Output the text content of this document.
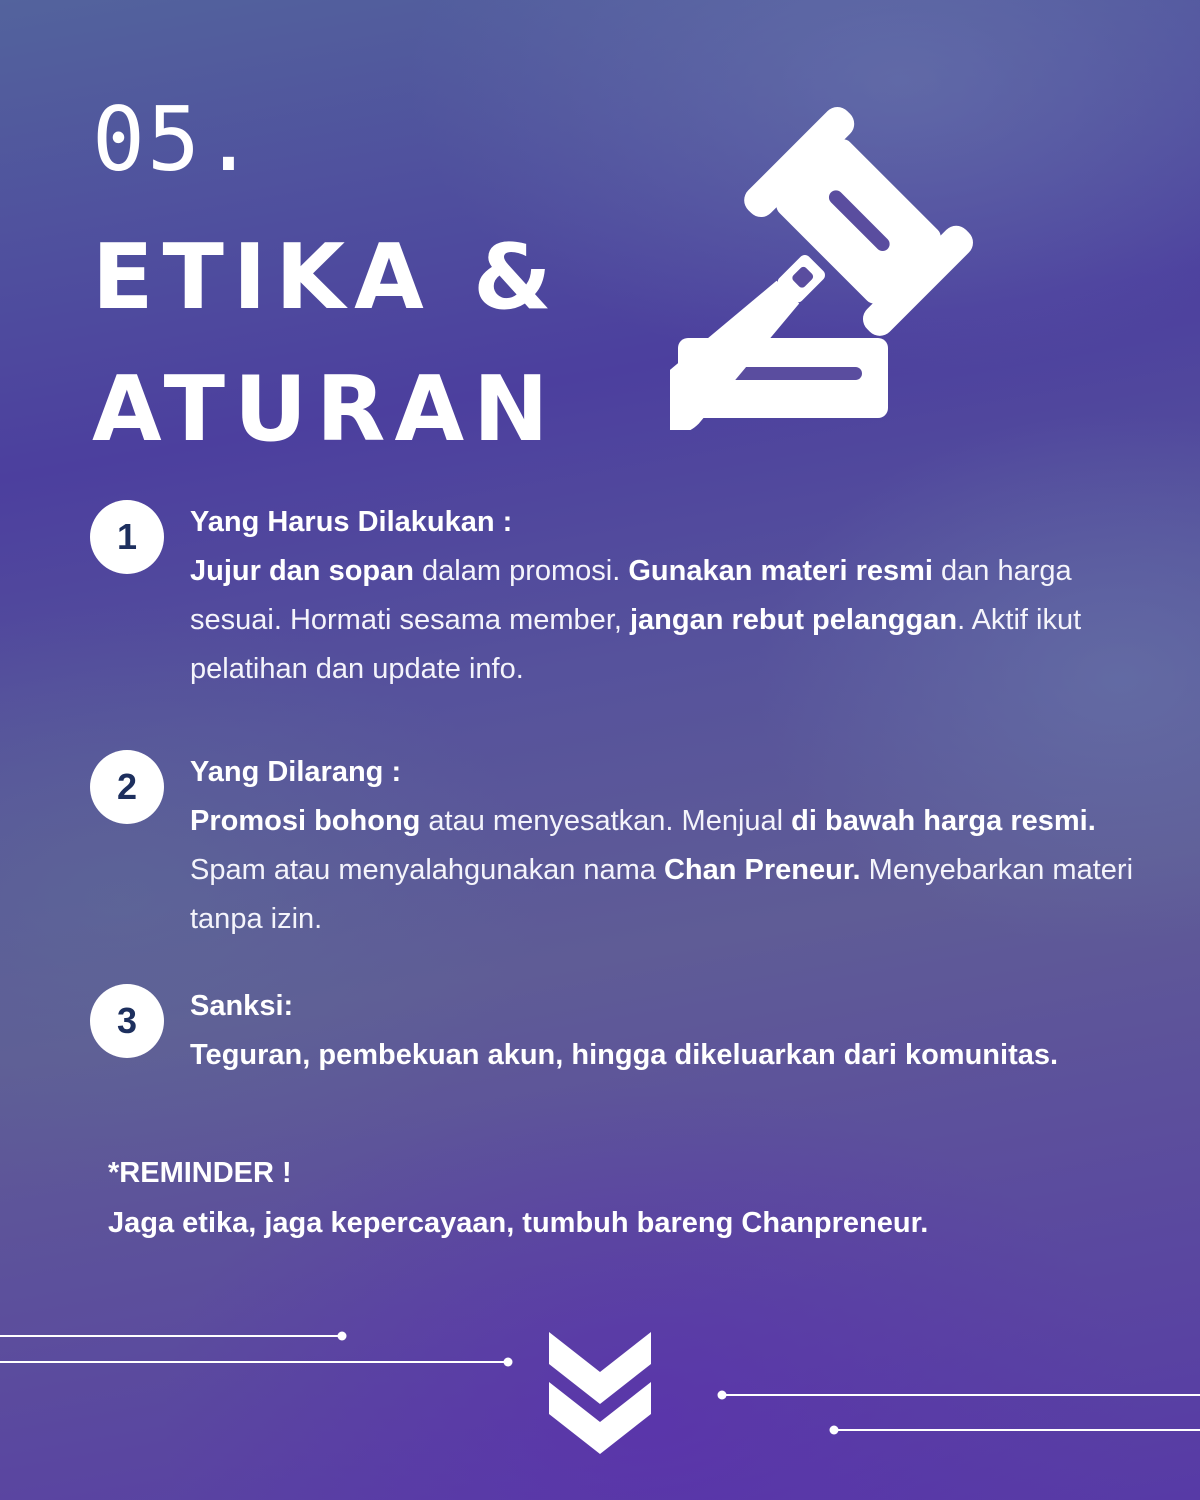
05.
ETIKA &
ATURAN
1	Yang Harus Dilakukan :
Jujur dan sopan dalam promosi. Gunakan materi resmi dan harga sesuai. Hormati sesama member, jangan rebut pelanggan. Aktif ikut pelatihan dan update info.
2	Yang Dilarang :
Promosi bohong atau menyesatkan. Menjual di bawah harga resmi. Spam atau menyalahgunakan nama Chan Preneur. Menyebarkan materi tanpa izin.
3	Sanksi:
Teguran, pembekuan akun, hingga dikeluarkan dari komunitas.
*REMINDER !
Jaga etika, jaga kepercayaan, tumbuh bareng Chanpreneur.
